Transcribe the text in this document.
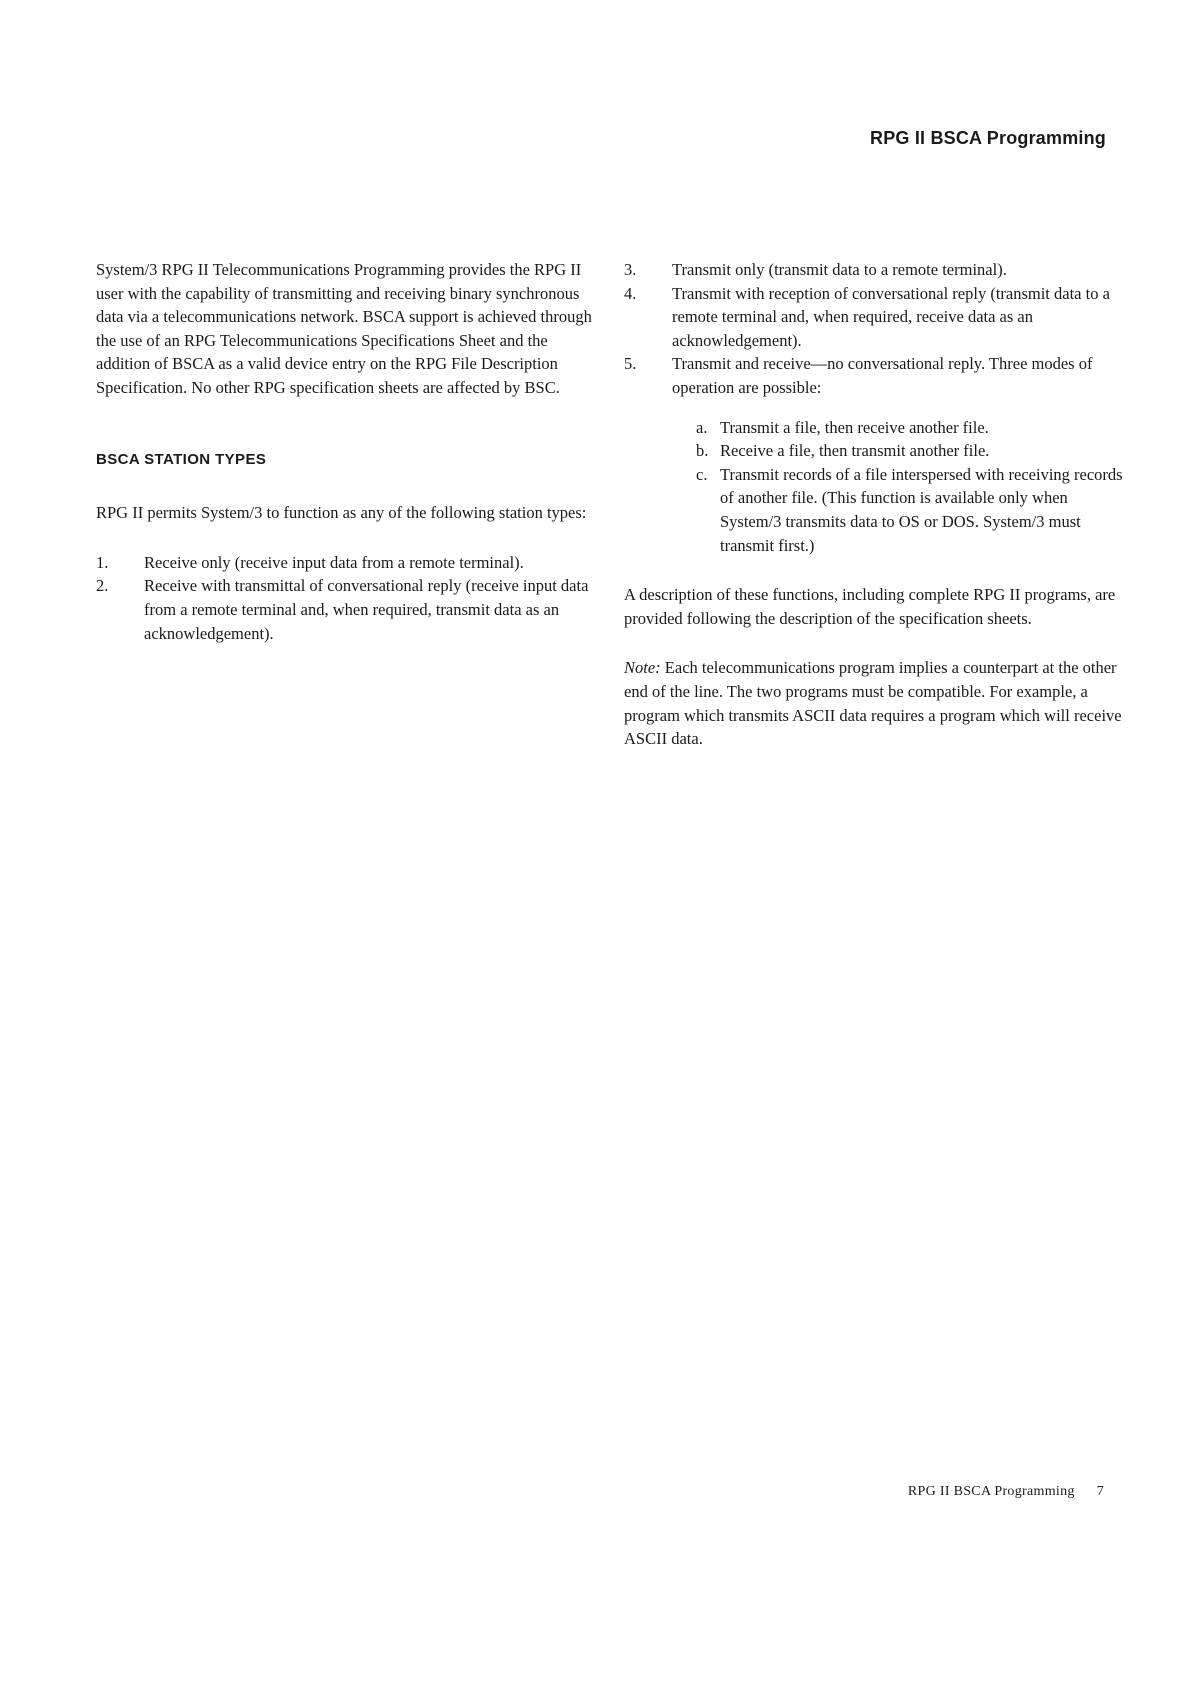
RPG II BSCA Programming

System/3 RPG II Telecommunications Programming provides the RPG II user with the capability of transmitting and receiving binary synchronous data via a telecommunications network. BSCA support is achieved through the use of an RPG Telecommunications Specifications Sheet and the addition of BSCA as a valid device entry on the RPG File Description Specification. No other RPG specification sheets are affected by BSC.

BSCA STATION TYPES

RPG II permits System/3 to function as any of the following station types:

1.	Receive only (receive input data from a remote terminal).
2.	Receive with transmittal of conversational reply (receive input data from a remote terminal and, when required, transmit data as an acknowledgement).
3.	Transmit only (transmit data to a remote terminal).
4.	Transmit with reception of conversational reply (transmit data to a remote terminal and, when required, receive data as an acknowledgement).
5.	Transmit and receive—no conversational reply. Three modes of operation are possible:
a. Transmit a file, then receive another file.
b. Receive a file, then transmit another file.
c. Transmit records of a file interspersed with receiving records of another file. (This function is available only when System/3 transmits data to OS or DOS. System/3 must transmit first.)

A description of these functions, including complete RPG II programs, are provided following the description of the specification sheets.

Note: Each telecommunications program implies a counterpart at the other end of the line. The two programs must be compatible. For example, a program which transmits ASCII data requires a program which will receive ASCII data.

RPG II BSCA Programming 7
